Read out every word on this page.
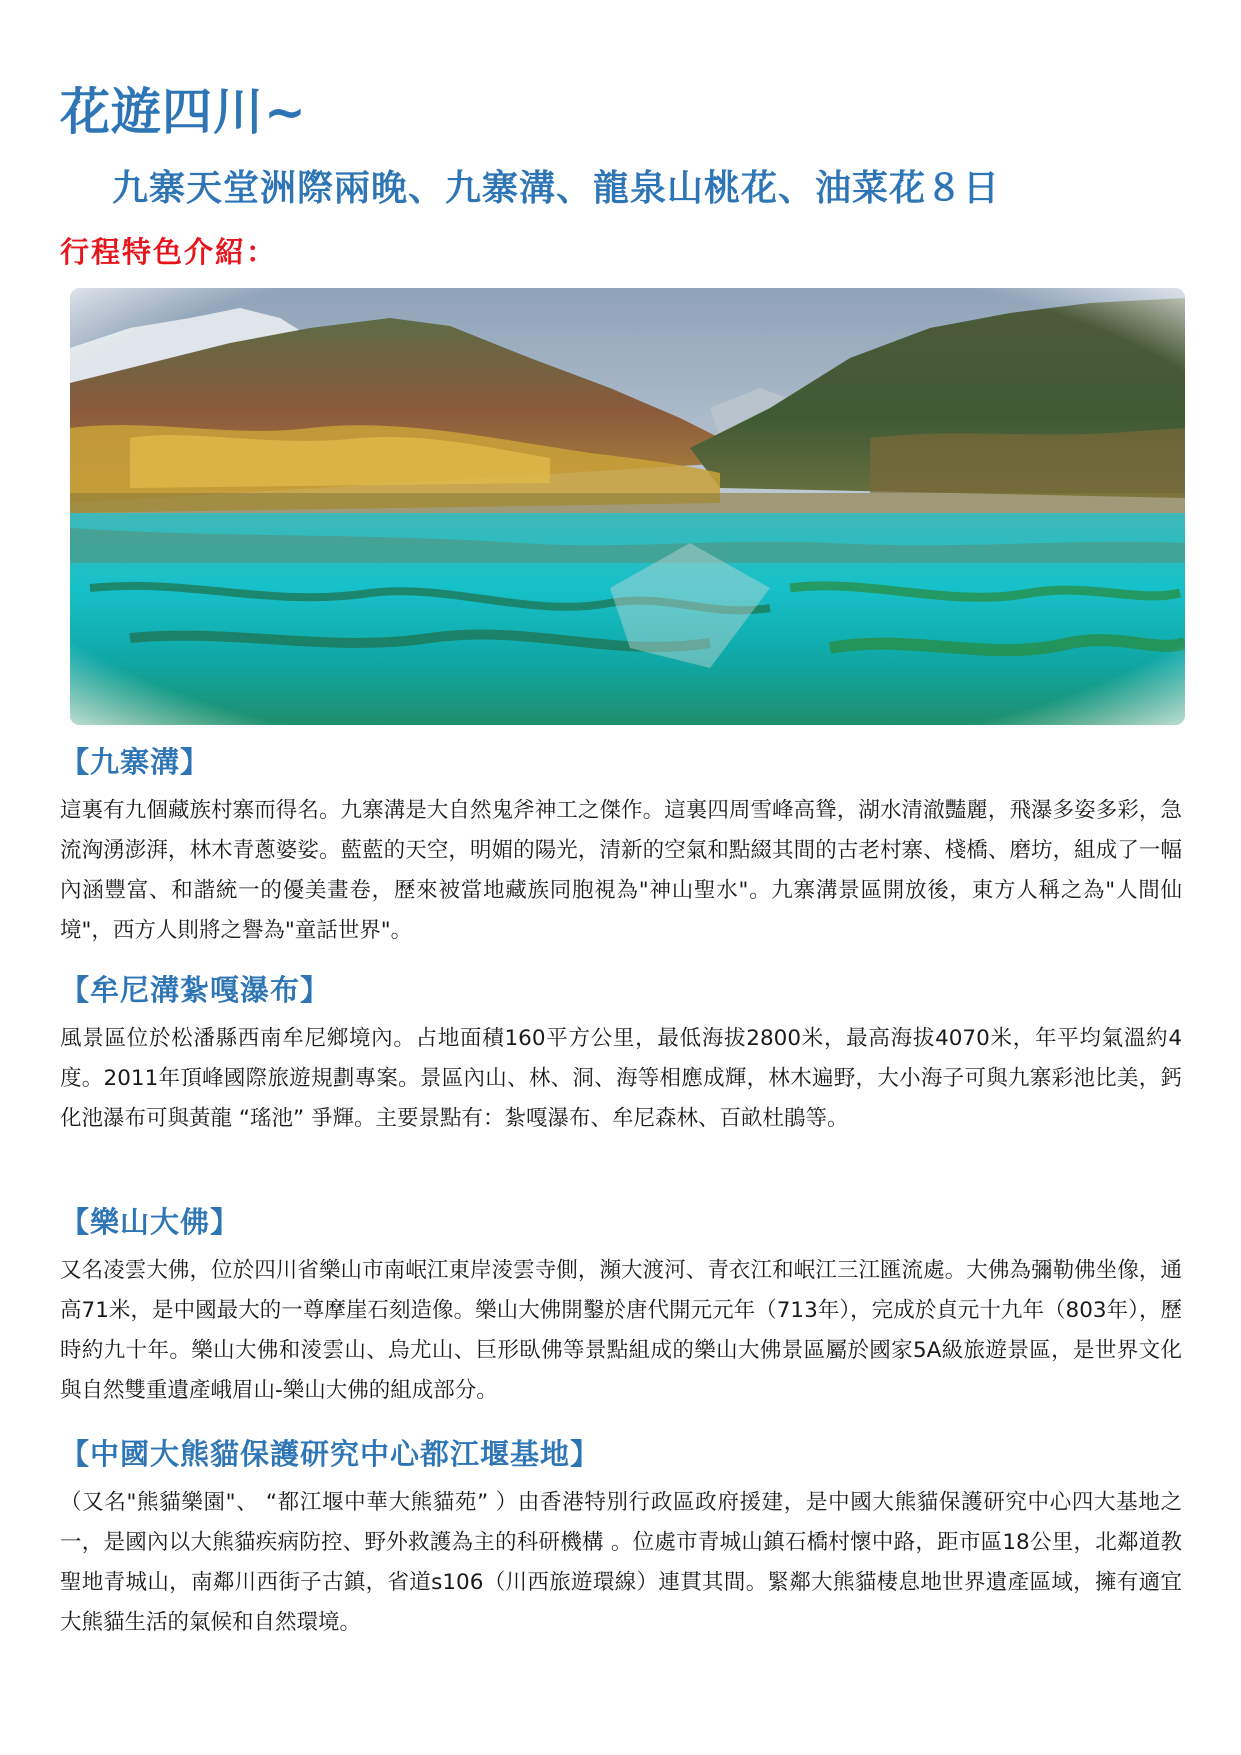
花遊四川~
九寨天堂洲際兩晚、九寨溝、龍泉山桃花、油菜花８日
行程特色介紹：
【九寨溝】

這裏有九個藏族村寨而得名。九寨溝是大自然鬼斧神工之傑作。這裏四周雪峰高聳，湖水清澈豔麗，飛瀑多姿多彩，急流洶湧澎湃，林木青蔥婆娑。藍藍的天空，明媚的陽光，清新的空氣和點綴其間的古老村寨、棧橋、磨坊，組成了一幅內涵豐富、和諧統一的優美畫卷，歷來被當地藏族同胞視為"神山聖水"。九寨溝景區開放後，東方人稱之為"人間仙境"，西方人則將之譽為"童話世界"。

【牟尼溝紮嘎瀑布】

風景區位於松潘縣西南牟尼鄉境內。占地面積160平方公里，最低海拔2800米，最高海拔4070米，年平均氣溫約4度。2011年頂峰國際旅遊規劃專案。景區內山、林、洞、海等相應成輝，林木遍野，大小海子可與九寨彩池比美，鈣化池瀑布可與黃龍 “瑤池” 爭輝。主要景點有：紮嘎瀑布、牟尼森林、百畝杜鵑等。

【樂山大佛】

又名凌雲大佛，位於四川省樂山市南岷江東岸淩雲寺側，瀕大渡河、青衣江和岷江三江匯流處。大佛為彌勒佛坐像，通高71米，是中國最大的一尊摩崖石刻造像。樂山大佛開鑿於唐代開元元年（713年），完成於貞元十九年（803年），歷時約九十年。樂山大佛和淩雲山、烏尤山、巨形臥佛等景點組成的樂山大佛景區屬於國家5A級旅遊景區，是世界文化與自然雙重遺產峨眉山-樂山大佛的組成部分。

【中國大熊貓保護研究中心都江堰基地】

（又名"熊貓樂園"、 “都江堰中華大熊貓苑” ）由香港特別行政區政府援建，是中國大熊貓保護研究中心四大基地之一，是國內以大熊貓疾病防控、野外救護為主的科研機構 。位處市青城山鎮石橋村懷中路，距市區18公里，北鄰道教聖地青城山，南鄰川西街子古鎮，省道s106（川西旅遊環線）連貫其間。緊鄰大熊貓棲息地世界遺產區域，擁有適宜大熊貓生活的氣候和自然環境。
